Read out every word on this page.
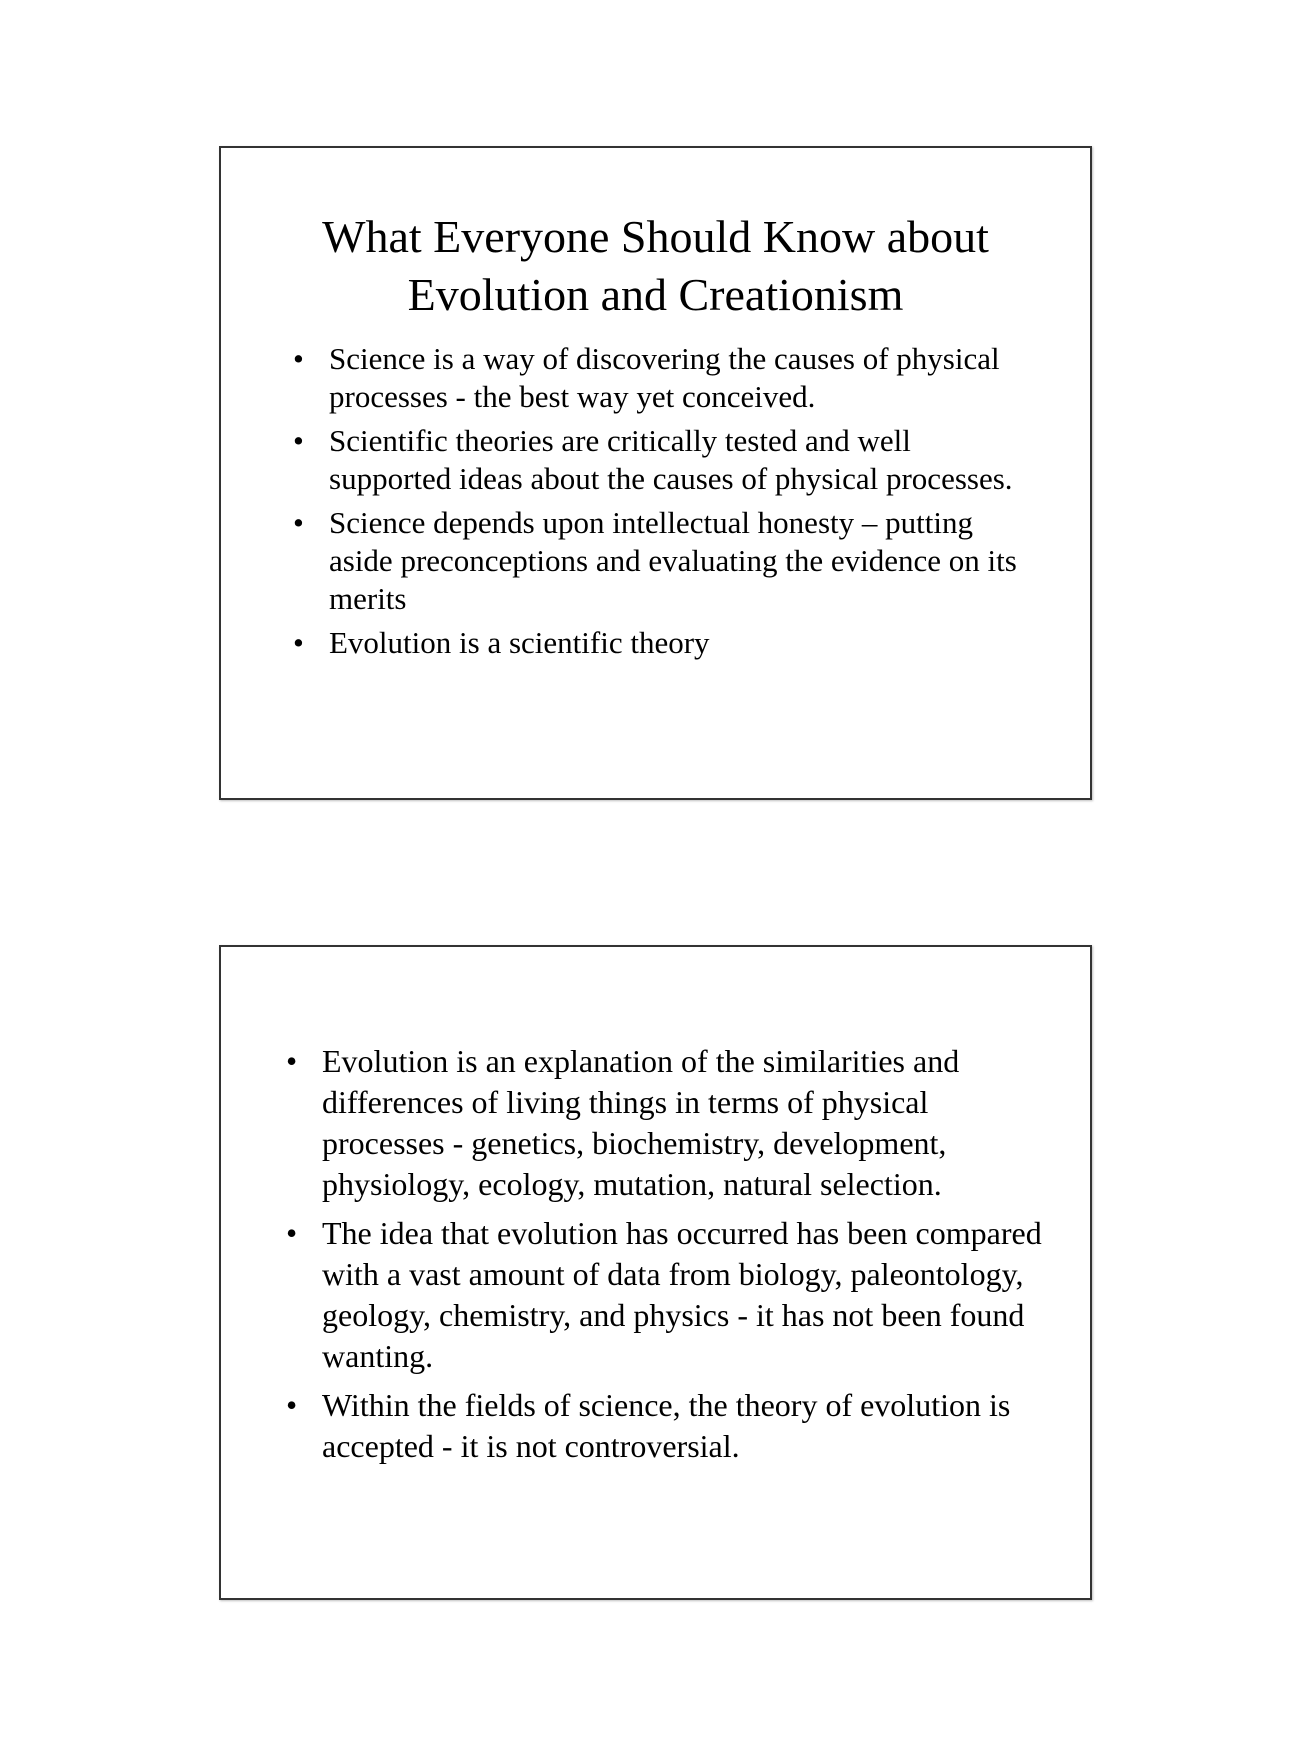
What Everyone Should Know about
Evolution and Creationism
• Science is a way of discovering the causes of physical processes - the best way yet conceived.
• Scientific theories are critically tested and well supported ideas about the causes of physical processes.
• Science depends upon intellectual honesty – putting aside preconceptions and evaluating the evidence on its merits
• Evolution is a scientific theory
• Evolution is an explanation of the similarities and differences of living things in terms of physical processes - genetics, biochemistry, development, physiology, ecology, mutation, natural selection.
• The idea that evolution has occurred has been compared with a vast amount of data from biology, paleontology, geology, chemistry, and physics - it has not been found wanting.
• Within the fields of science, the theory of evolution is accepted - it is not controversial.
